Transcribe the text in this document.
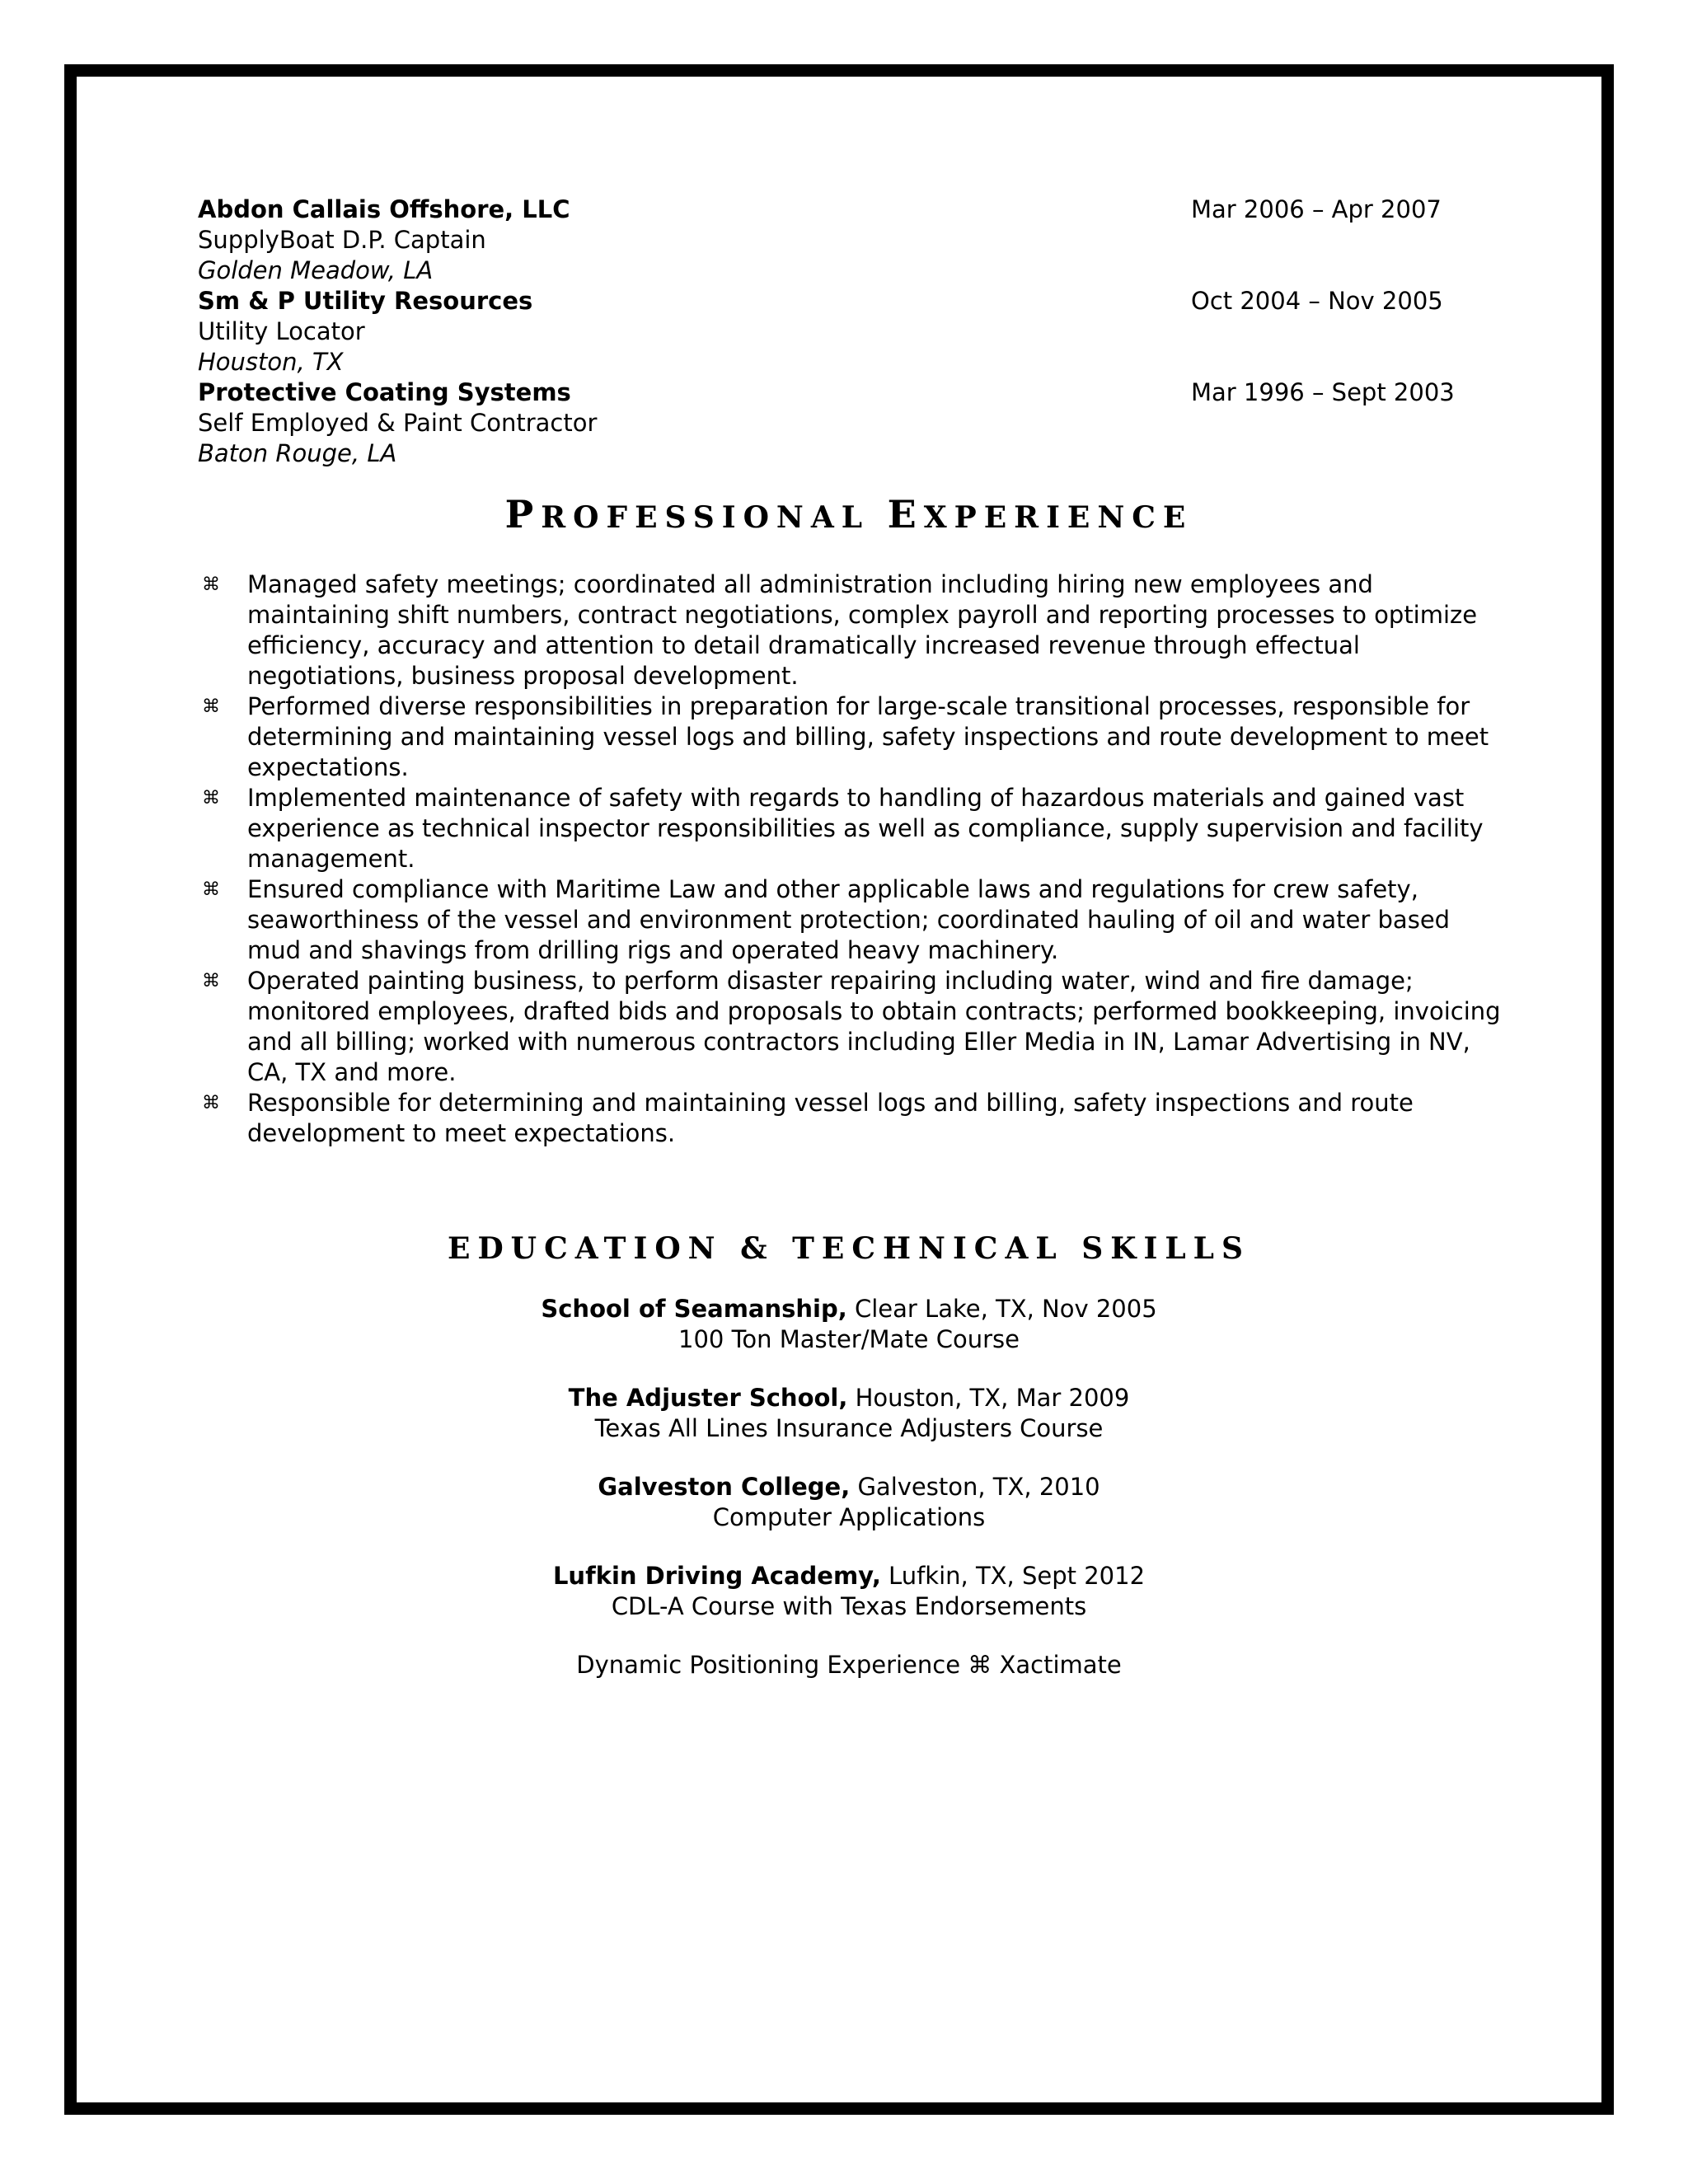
Abdon Callais Offshore, LLC	Mar 2006 – Apr 2007
SupplyBoat D.P. Captain
Golden Meadow, LA
Sm & P Utility Resources	Oct 2004 – Nov 2005
Utility Locator
Houston, TX
Protective Coating Systems	Mar 1996 – Sept 2003
Self Employed & Paint Contractor
Baton Rouge, LA
PROFESSIONAL EXPERIENCE
⌘ Managed safety meetings; coordinated all administration including hiring new employees and maintaining shift numbers, contract negotiations, complex payroll and reporting processes to optimize efficiency, accuracy and attention to detail dramatically increased revenue through effectual negotiations, business proposal development.
⌘ Performed diverse responsibilities in preparation for large-scale transitional processes, responsible for determining and maintaining vessel logs and billing, safety inspections and route development to meet expectations.
⌘ Implemented maintenance of safety with regards to handling of hazardous materials and gained vast experience as technical inspector responsibilities as well as compliance, supply supervision and facility management.
⌘ Ensured compliance with Maritime Law and other applicable laws and regulations for crew safety, seaworthiness of the vessel and environment protection; coordinated hauling of oil and water based mud and shavings from drilling rigs and operated heavy machinery.
⌘ Operated painting business, to perform disaster repairing including water, wind and fire damage; monitored employees, drafted bids and proposals to obtain contracts; performed bookkeeping, invoicing and all billing; worked with numerous contractors including Eller Media in IN, Lamar Advertising in NV, CA, TX and more.
⌘ Responsible for determining and maintaining vessel logs and billing, safety inspections and route development to meet expectations.
EDUCATION & TECHNICAL SKILLS
School of Seamanship, Clear Lake, TX, Nov 2005
100 Ton Master/Mate Course
The Adjuster School, Houston, TX, Mar 2009
Texas All Lines Insurance Adjusters Course
Galveston College, Galveston, TX, 2010
Computer Applications
Lufkin Driving Academy, Lufkin, TX, Sept 2012
CDL-A Course with Texas Endorsements
Dynamic Positioning Experience ⌘ Xactimate
